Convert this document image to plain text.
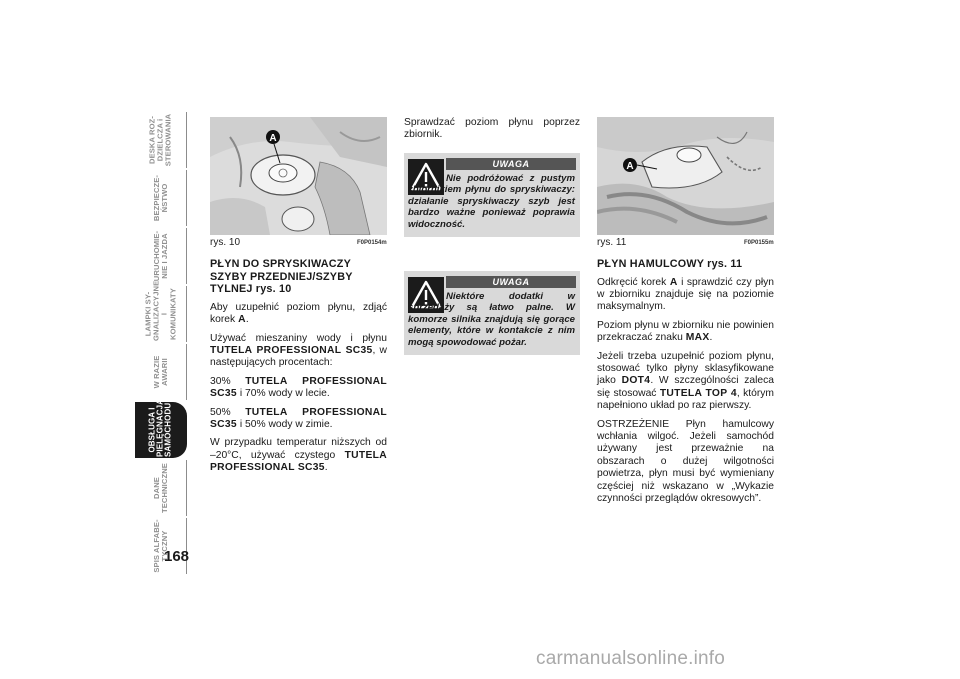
DESKA ROZ-
DZIELCZA i
STEROWANIA
BEZPIECZE-
ŃSTWO
URUCHOMIE-
NIE I JAZDA
LAMPKI SY-
GNALIZACYJNE
I KOMUNIKATY
W RAZIE
AWARII
OBSŁUGA I
PIELĘGNACJA
SAMOCHODU
DANE
TECHNICZNE
SPIS ALFABE-
TYCZNY
168
A
rys. 10	F0P0154m
PŁYN DO SPRYSKIWACZY SZYBY PRZEDNIEJ/SZYBY TYLNEJ rys. 10

Aby uzupełnić poziom płynu, zdjąć korek A.

Używać mieszaniny wody i płynu TUTELA PROFESSIONAL SC35, w następujących procentach:

30% TUTELA PROFESSIONAL SC35 i 70% wody w lecie.

50% TUTELA PROFESSIONAL SC35 i 50% wody w zimie.

W przypadku temperatur niższych od –20°C, używać czystego TUTELA PROFESSIONAL SC35.

Sprawdzać poziom płynu poprzez zbiornik.

UWAGA
Nie podróżować z pustym zbiornikiem płynu do spryskiwaczy: działanie spryskiwaczy szyb jest bardzo ważne ponieważ poprawia widoczność.
UWAGA
Niektóre dodatki w sprzedaży są łatwo palne. W komorze silnika znajdują się gorące elementy, które w kontakcie z nim mogą spowodować pożar.
A
rys. 11	F0P0155m
PŁYN HAMULCOWY rys. 11

Odkręcić korek A i sprawdzić czy płyn w zbiorniku znajduje się na poziomie maksymalnym.

Poziom płynu w zbiorniku nie powinien przekraczać znaku MAX.

Jeżeli trzeba uzupełnić poziom płynu, stosować tylko płyny sklasyfikowane jako DOT4. W szczególności zaleca się stosować TUTELA TOP 4, którym napełniono układ po raz pierwszy.

OSTRZEŻENIE Płyn hamulcowy wchłania wilgoć. Jeżeli samochód używany jest przeważnie na obszarach o dużej wilgotności powietrza, płyn musi być wymieniany częściej niż wskazano w „Wykazie czynności przeglądów okresowych”.

carmanualsonline.info
